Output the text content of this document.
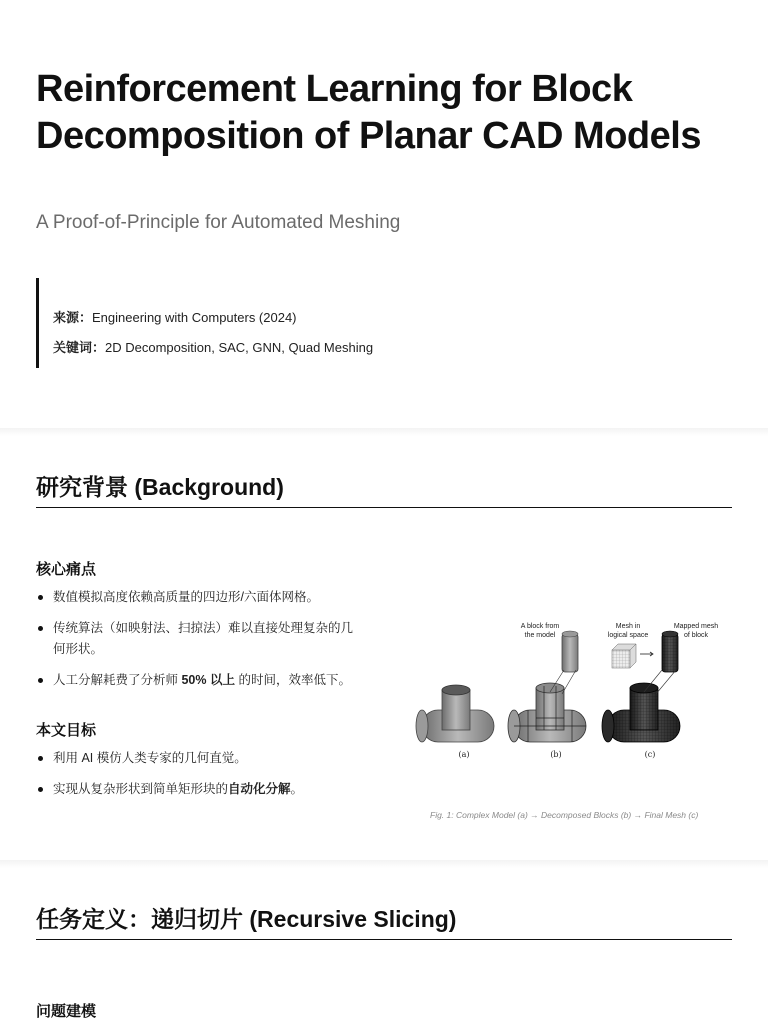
Reinforcement Learning for Block Decomposition of Planar CAD Models
A Proof-of-Principle for Automated Meshing
来源：Engineering with Computers (2024)
关键词：2D Decomposition, SAC, GNN, Quad Meshing
研究背景 (Background)
核心痛点
数值模拟高度依赖高质量的四边形/六面体网格。
传统算法（如映射法、扫掠法）难以直接处理复杂的几何形状。
人工分解耗费了分析师 50% 以上 的时间，效率低下。
本文目标
利用 AI 模仿人类专家的几何直觉。
实现从复杂形状到简单矩形块的自动化分解。
A block from
the model
Mesh in
logical space
Mapped mesh
of block
(a)	(b)	(c)
Fig. 1: Complex Model (a) → Decomposed Blocks (b) → Final Mesh (c)
任务定义：递归切片 (Recursive Slicing)
问题建模
